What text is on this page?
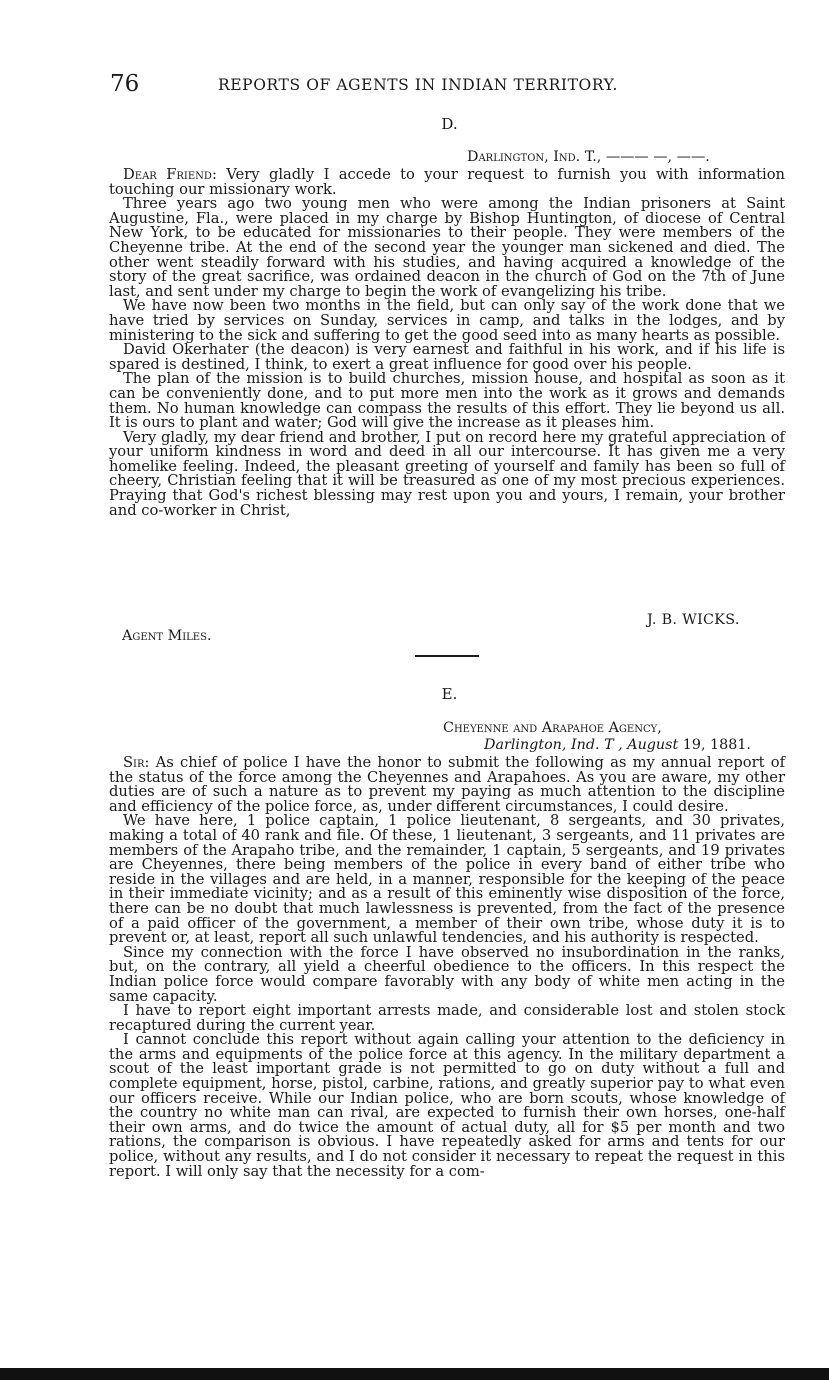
76	REPORTS OF AGENTS IN INDIAN TERRITORY.
D.
Darlington, Ind. T., ——— —, ——.

Dear Friend: Very gladly I accede to your request to furnish you with information touching our missionary work.

Three years ago two young men who were among the Indian prisoners at Saint Augustine, Fla., were placed in my charge by Bishop Huntington, of diocese of Central New York, to be educated for missionaries to their people. They were members of the Cheyenne tribe. At the end of the second year the younger man sickened and died. The other went steadily forward with his studies, and having acquired a knowledge of the story of the great sacrifice, was ordained deacon in the church of God on the 7th of June last, and sent under my charge to begin the work of evangelizing his tribe.

We have now been two months in the field, but can only say of the work done that we have tried by services on Sunday, services in camp, and talks in the lodges, and by ministering to the sick and suffering to get the good seed into as many hearts as possible.

David Okerhater (the deacon) is very earnest and faithful in his work, and if his life is spared is destined, I think, to exert a great influence for good over his people.

The plan of the mission is to build churches, mission house, and hospital as soon as it can be conveniently done, and to put more men into the work as it grows and demands them. No human knowledge can compass the results of this effort. They lie beyond us all. It is ours to plant and water; God will give the increase as it pleases him.

Very gladly, my dear friend and brother, I put on record here my grateful appreciation of your uniform kindness in word and deed in all our intercourse. It has given me a very homelike feeling. Indeed, the pleasant greeting of yourself and family has been so full of cheery, Christian feeling that it will be treasured as one of my most precious experiences. Praying that God's richest blessing may rest upon you and yours, I remain, your brother and co-worker in Christ,

J. B. WICKS.
Agent Miles.
E.
Cheyenne and Arapahoe Agency,
Darlington, Ind. T , August 19, 1881.

Sir: As chief of police I have the honor to submit the following as my annual report of the status of the force among the Cheyennes and Arapahoes. As you are aware, my other duties are of such a nature as to prevent my paying as much attention to the discipline and efficiency of the police force, as, under different circumstances, I could desire.

We have here, 1 police captain, 1 police lieutenant, 8 sergeants, and 30 privates, making a total of 40 rank and file. Of these, 1 lieutenant, 3 sergeants, and 11 privates are members of the Arapaho tribe, and the remainder, 1 captain, 5 sergeants, and 19 privates are Cheyennes, there being members of the police in every band of either tribe who reside in the villages and are held, in a manner, responsible for the keeping of the peace in their immediate vicinity; and as a result of this eminently wise disposition of the force, there can be no doubt that much lawlessness is prevented, from the fact of the presence of a paid officer of the government, a member of their own tribe, whose duty it is to prevent or, at least, report all such unlawful tendencies, and his authority is respected.

Since my connection with the force I have observed no insubordination in the ranks, but, on the contrary, all yield a cheerful obedience to the officers. In this respect the Indian police force would compare favorably with any body of white men acting in the same capacity.

I have to report eight important arrests made, and considerable lost and stolen stock recaptured during the current year.

I cannot conclude this report without again calling your attention to the deficiency in the arms and equipments of the police force at this agency. In the military department a scout of the least important grade is not permitted to go on duty without a full and complete equipment, horse, pistol, carbine, rations, and greatly superior pay to what even our officers receive. While our Indian police, who are born scouts, whose knowledge of the country no white man can rival, are expected to furnish their own horses, one-half their own arms, and do twice the amount of actual duty, all for $5 per month and two rations, the comparison is obvious. I have repeatedly asked for arms and tents for our police, without any results, and I do not consider it necessary to repeat the request in this report. I will only say that the necessity for a com-
